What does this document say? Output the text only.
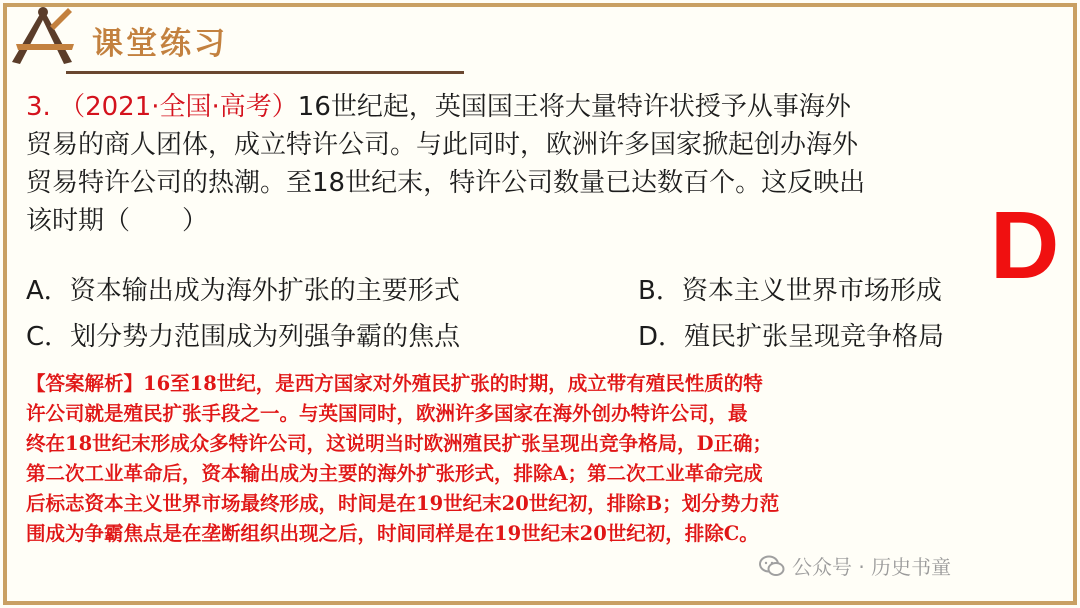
课堂练习
3. （2021·全国·高考）16世纪起，英国国王将大量特许状授予从事海外
贸易的商人团体，成立特许公司。与此同时，欧洲许多国家掀起创办海外
贸易特许公司的热潮。至18世纪末，特许公司数量已达数百个。这反映出
该时期（　　）	D
A．资本输出成为海外扩张的主要形式	B．资本主义世界市场形成
C．划分势力范围成为列强争霸的焦点	D．殖民扩张呈现竞争格局
【答案解析】16至18世纪，是西方国家对外殖民扩张的时期，成立带有殖民性质的特
许公司就是殖民扩张手段之一。与英国同时，欧洲许多国家在海外创办特许公司，最
终在18世纪末形成众多特许公司，这说明当时欧洲殖民扩张呈现出竞争格局，D正确；
第二次工业革命后，资本输出成为主要的海外扩张形式，排除A；第二次工业革命完成
后标志资本主义世界市场最终形成，时间是在19世纪末20世纪初，排除B；划分势力范
围成为争霸焦点是在垄断组织出现之后，时间同样是在19世纪末20世纪初，排除C。
公众号 · 历史书童
